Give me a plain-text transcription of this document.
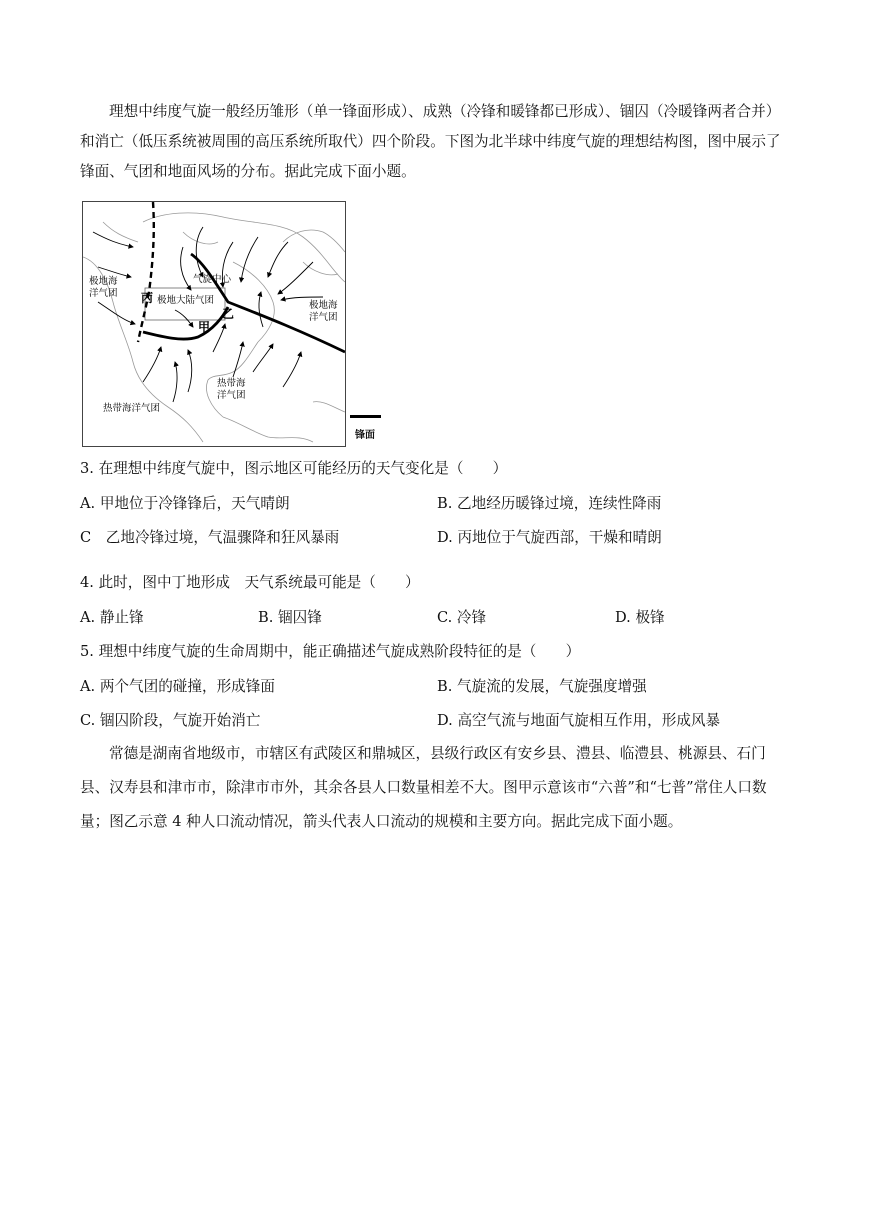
理想中纬度气旋一般经历雏形（单一锋面形成）、成熟（冷锋和暖锋都已形成）、锢囚（冷暖锋两者合并）和消亡（低压系统被周围的高压系统所取代）四个阶段。下图为北半球中纬度气旋的理想结构图，图中展示了锋面、气团和地面风场的分布。据此完成下面小题。

极地海
洋气团 丙 极地大陆气团
气旋中心
乙
甲
极地海
洋气团
热带海
洋气团
热带海洋气团
锋面
3. 在理想中纬度气旋中，图示地区可能经历的天气变化是（　　）
A. 甲地位于冷锋锋后，天气晴朗	B. 乙地经历暖锋过境，连续性降雨
C　乙地冷锋过境，气温骤降和狂风暴雨	D. 丙地位于气旋西部，干燥和晴朗
4. 此时，图中丁地形成　天气系统最可能是（　　）
A. 静止锋	B. 锢囚锋	C. 冷锋	D. 极锋
5. 理想中纬度气旋的生命周期中，能正确描述气旋成熟阶段特征的是（　　）
A. 两个气团的碰撞，形成锋面	B. 气旋流的发展，气旋强度增强
C. 锢囚阶段，气旋开始消亡	D. 高空气流与地面气旋相互作用，形成风暴

常德是湖南省地级市，市辖区有武陵区和鼎城区，县级行政区有安乡县、澧县、临澧县、桃源县、石门县、汉寿县和津市市，除津市市外，其余各县人口数量相差不大。图甲示意该市“六普”和“七普”常住人口数量；图乙示意 4 种人口流动情况，箭头代表人口流动的规模和主要方向。据此完成下面小题。
